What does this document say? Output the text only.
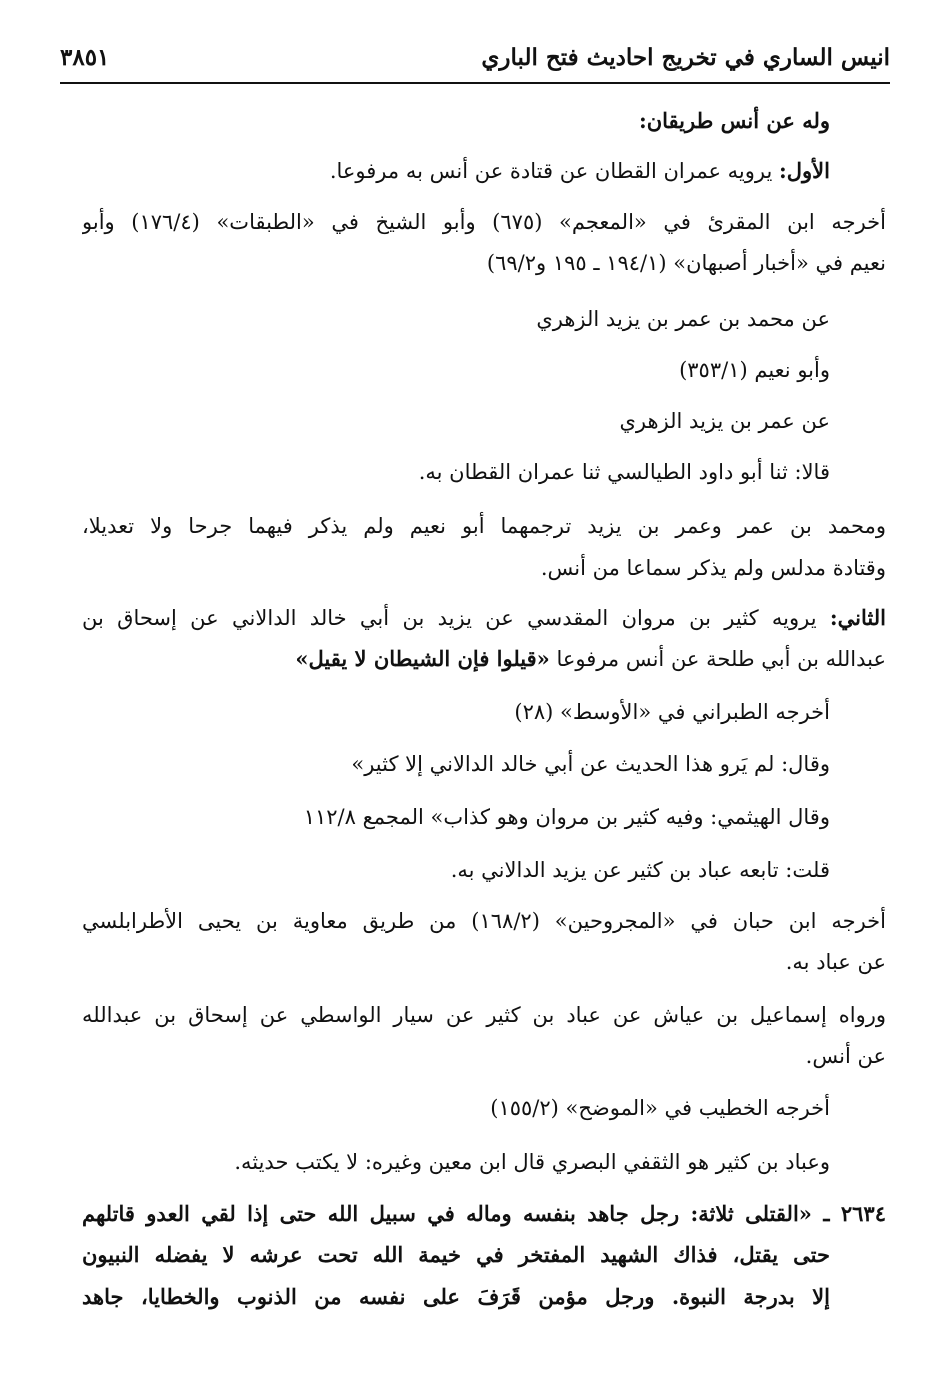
انيس الساري في تخريج احاديث فتح الباري
٣٨٥١
وله عن أنس طريقان:
الأول: يرويه عمران القطان عن قتادة عن أنس به مرفوعا.
أخرجه ابن المقرئ في «المعجم» (٦٧٥) وأبو الشيخ في «الطبقات» (١٧٦/٤) وأبو
نعيم في «أخبار أصبهان» (١٩٤/١ ـ ١٩٥ و٦٩/٢)
عن محمد بن عمر بن يزيد الزهري
وأبو نعيم (٣٥٣/١)
عن عمر بن يزيد الزهري
قالا: ثنا أبو داود الطيالسي ثنا عمران القطان به.
ومحمد بن عمر وعمر بن يزيد ترجمهما أبو نعيم ولم يذكر فيهما جرحا ولا تعديلا،
وقتادة مدلس ولم يذكر سماعا من أنس.
الثاني: يرويه كثير بن مروان المقدسي عن يزيد بن أبي خالد الدالاني عن إسحاق بن
عبدالله بن أبي طلحة عن أنس مرفوعا «قيلوا فإن الشيطان لا يقيل»
أخرجه الطبراني في «الأوسط» (٢٨)
وقال: لم يَرو هذا الحديث عن أبي خالد الدالاني إلا كثير»
وقال الهيثمي: وفيه كثير بن مروان وهو كذاب» المجمع ١١٢/٨
قلت: تابعه عباد بن كثير عن يزيد الدالاني به.
أخرجه ابن حبان في «المجروحين» (١٦٨/٢) من طريق معاوية بن يحيى الأطرابلسي
عن عباد به.
ورواه إسماعيل بن عياش عن عباد بن كثير عن سيار الواسطي عن إسحاق بن عبدالله
عن أنس.
أخرجه الخطيب في «الموضح» (١٥٥/٢)
وعباد بن كثير هو الثقفي البصري قال ابن معين وغيره: لا يكتب حديثه.
٢٦٣٤ ـ «القتلى ثلاثة: رجل جاهد بنفسه وماله في سبيل الله حتى إذا لقي العدو قاتلهم
حتى يقتل، فذاك الشهيد المفتخر في خيمة الله تحت عرشه لا يفضله النبيون
إلا بدرجة النبوة. ورجل مؤمن قَرَفَ على نفسه من الذنوب والخطايا، جاهد
